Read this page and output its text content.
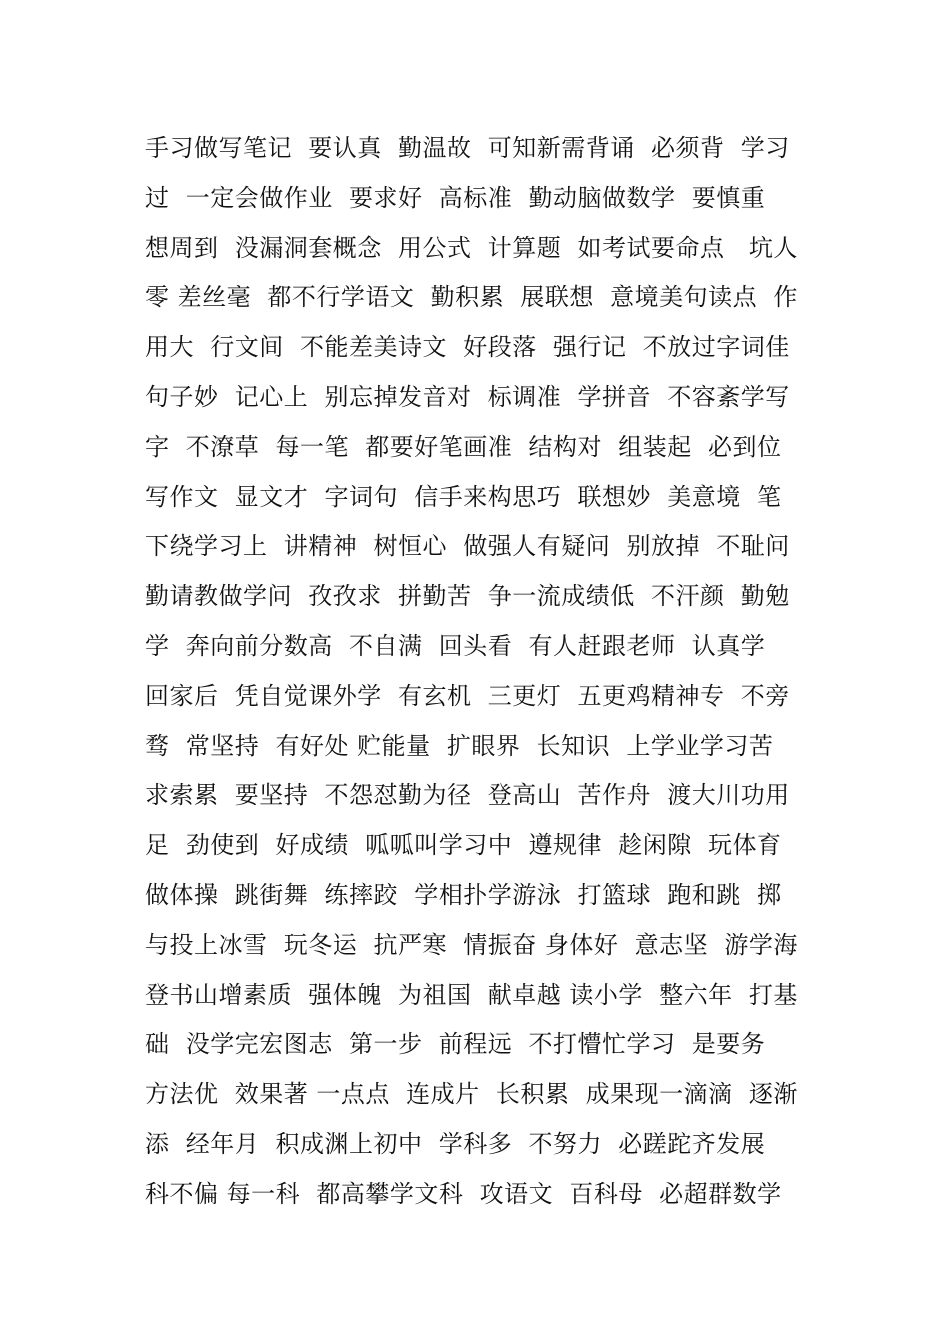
手习做写笔记  要认真  勤温故  可知新需背诵  必须背  学习
过  一定会做作业  要求好  高标准  勤动脑做数学  要慎重
想周到  没漏洞套概念  用公式  计算题  如考试要命点   坑人
零 差丝毫  都不行学语文  勤积累  展联想  意境美句读点  作
用大  行文间  不能差美诗文  好段落  强行记  不放过字词佳
句子妙  记心上  别忘掉发音对  标调准  学拼音  不容紊学写
字  不潦草  每一笔  都要好笔画准  结构对  组装起  必到位
写作文  显文才  字词句  信手来构思巧  联想妙  美意境  笔
下绕学习上  讲精神  树恒心  做强人有疑问  别放掉  不耻问
勤请教做学问  孜孜求  拼勤苦  争一流成绩低  不汗颜  勤勉
学  奔向前分数高  不自满  回头看  有人赶跟老师  认真学
回家后  凭自觉课外学  有玄机  三更灯  五更鸡精神专  不旁
骛  常坚持  有好处 贮能量  扩眼界  长知识  上学业学习苦
求索累  要坚持  不怨怼勤为径  登高山  苦作舟  渡大川功用
足  劲使到  好成绩  呱呱叫学习中  遵规律  趁闲隙  玩体育
做体操  跳街舞  练摔跤  学相扑学游泳  打篮球  跑和跳  掷
与投上冰雪  玩冬运  抗严寒  情振奋 身体好  意志坚  游学海
登书山增素质  强体魄  为祖国  献卓越 读小学  整六年  打基
础  没学完宏图志  第一步  前程远  不打懵忙学习  是要务
方法优  效果著 一点点  连成片  长积累  成果现一滴滴  逐渐
添  经年月  积成渊上初中  学科多  不努力  必蹉跎齐发展
科不偏 每一科  都高攀学文科  攻语文  百科母  必超群数学
